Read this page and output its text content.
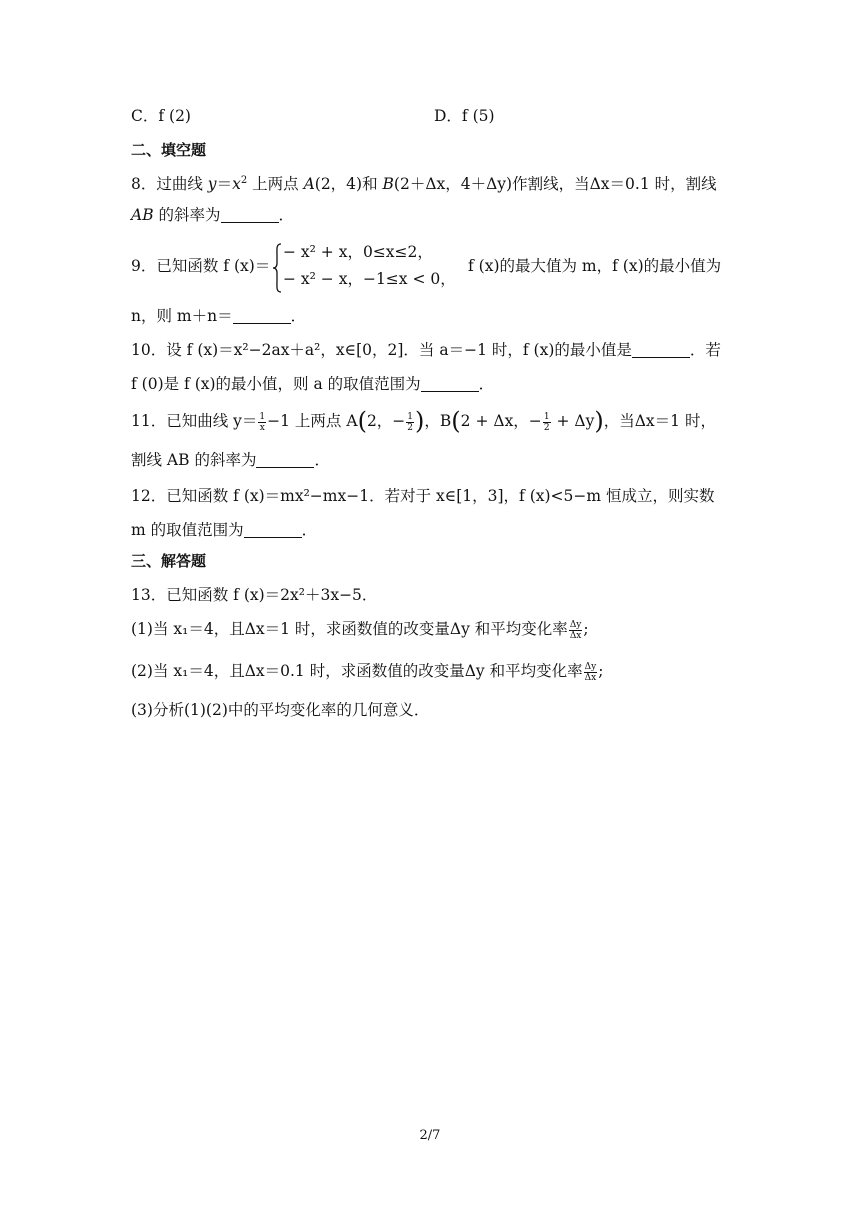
C．f (2)	D．f (5)
二、填空题
8．过曲线 $y=x^2$ 上两点 A(2，4)和 B(2＋Δx，4＋Δy)作割线，当Δx＝0.1 时，割线
AB 的斜率为	．
9．已知函数 f (x)＝
− x² + x，0≤x≤2，
− x² − x，−1≤x < 0，
f (x)的最大值为 m，f (x)的最小值为
n，则 m＋n＝	．
10．设 f (x)＝x²−2ax＋a²，x∈[0，2]．当 a＝−1 时，f (x)的最小值是	．若
f (0)是 f (x)的最小值，则 a 的取值范围为	．
11．已知曲线 $y= \frac{1}{x} -1$ 上两点 A(2，− $\frac{1}{2}$ )，B(2 + Δx，− $\frac{1}{2} + \Delta y$)，当Δx＝1 时，
割线 AB 的斜率为	．
12．已知函数 f (x)＝mx²−mx−1．若对于 x∈[1，3]，f (x)<5−m 恒成立，则实数
m 的取值范围为	．
三、解答题
13．已知函数 f (x)＝2x²＋3x−5．
(1)当 x₁＝4，且Δx＝1 时，求函数值的改变量Δy 和平均变化率 $\frac{\Delta y}{\Delta x}$ ;
(2)当 x₁＝4，且Δx＝0.1 时，求函数值的改变量Δy 和平均变化率 $\frac{\Delta y}{\Delta x}$ ;
(3)分析(1)(2)中的平均变化率的几何意义．
2/7
